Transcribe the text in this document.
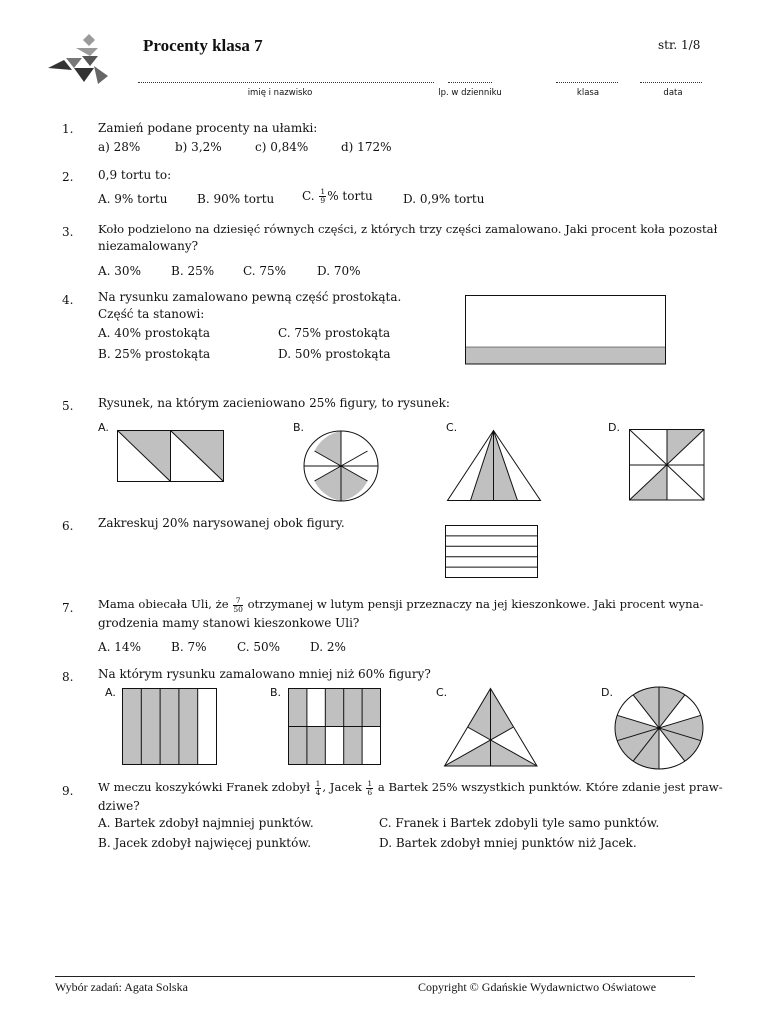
Procenty klasa 7	str. 1/8
imię i nazwisko	lp. w dzienniku	klasa	data
1. Zamień podane procenty na ułamki:
a) 28%	b) 3,2%	c) 0,84%	d) 172%
2. 0,9 tortu to:
A. 9% tortu B. 90% tortu C. $\frac{1}{9}$ % tortu	D. 0,9% tortu
3. Koło podzielono na dziesięć równych części, z których trzy części zamalowano. Jaki procent koła pozostał
niezamalowany?
A. 30%	B. 25% C. 75%	D. 70%
4. Na rysunku zamalowano pewną część prostokąta.
Część ta stanowi:
A. 40% prostokąta	C. 75% prostokąta
B. 25% prostokąta	D. 50% prostokąta
5. Rysunek, na którym zacieniowano 25% figury, to rysunek:
A.	B.	C.	D.
6. Zakreskuj 20% narysowanej obok figury.
7. Mama obiecała Uli, że $\frac{7}{50}$ otrzymanej w lutym pensji przeznaczy na jej kieszonkowe. Jaki procent wyna-
grodzenia mamy stanowi kieszonkowe Uli?
A. 14%	B. 7%	C. 50% D. 2%
8. Na którym rysunku zamalowano mniej niż 60% figury?
A.	B.	C.	D.
9. W meczu koszykówki Franek zdobył $\frac{1}{4}$ , Jacek $\frac{1}{6}$ a Bartek 25% wszystkich punktów. Które zdanie jest praw-
dziwe?
A. Bartek zdobył najmniej punktów.	C. Franek i Bartek zdobyli tyle samo punktów.
B. Jacek zdobył najwięcej punktów.	D. Bartek zdobył mniej punktów niż Jacek.
Wybór zadań: Agata Solska	Copyright © Gdańskie Wydawnictwo Oświatowe
